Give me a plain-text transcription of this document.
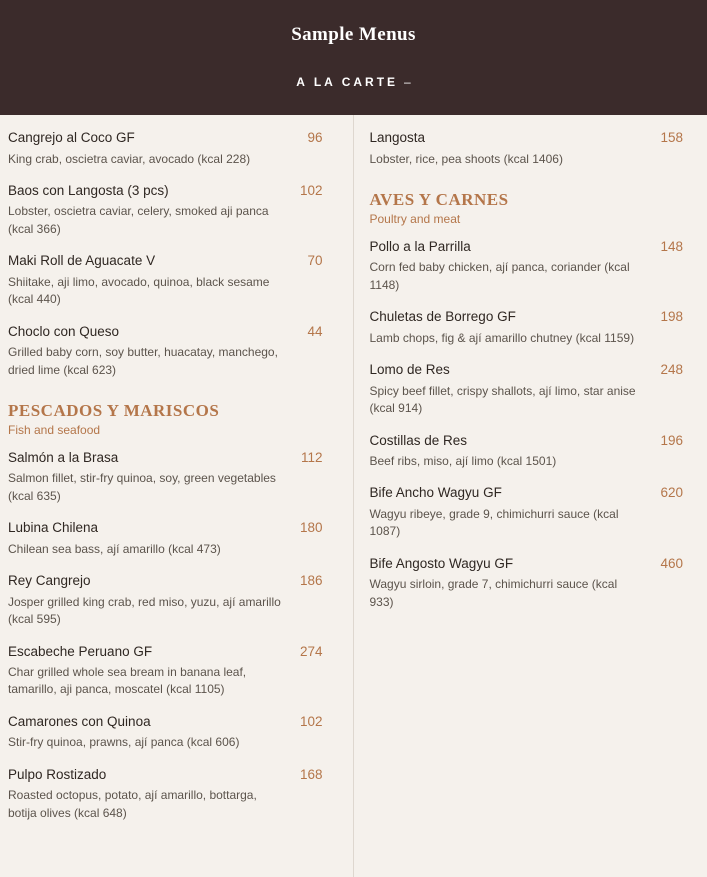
Sample Menus
A LA CARTE –
Cangrejo al Coco GF	96
King crab, oscietra caviar, avocado (kcal 228)
Baos con Langosta (3 pcs)	102
Lobster, oscietra caviar, celery, smoked aji panca (kcal 366)
Maki Roll de Aguacate V	70
Shiitake, aji limo, avocado, quinoa, black sesame (kcal 440)
Choclo con Queso	44
Grilled baby corn, soy butter, huacatay, manchego, dried lime (kcal 623)
PESCADOS Y MARISCOS
Fish and seafood
Salmón a la Brasa	112
Salmon fillet, stir-fry quinoa, soy, green vegetables (kcal 635)
Lubina Chilena	180
Chilean sea bass, ají amarillo (kcal 473)
Rey Cangrejo	186
Josper grilled king crab, red miso, yuzu, ají amarillo (kcal 595)
Escabeche Peruano GF	274
Char grilled whole sea bream in banana leaf, tamarillo, aji panca, moscatel (kcal 1105)
Camarones con Quinoa	102
Stir-fry quinoa, prawns, ají panca (kcal 606)
Pulpo Rostizado	168
Roasted octopus, potato, ají amarillo, bottarga, botija olives (kcal 648)
Langosta	158
Lobster, rice, pea shoots (kcal 1406)
AVES Y CARNES
Poultry and meat
Pollo a la Parrilla	148
Corn fed baby chicken, ají panca, coriander (kcal 1148)
Chuletas de Borrego GF	198
Lamb chops, fig & ají amarillo chutney (kcal 1159)
Lomo de Res	248
Spicy beef fillet, crispy shallots, ají limo, star anise (kcal 914)
Costillas de Res	196
Beef ribs, miso, ají limo (kcal 1501)
Bife Ancho Wagyu GF	620
Wagyu ribeye, grade 9, chimichurri sauce (kcal 1087)
Bife Angosto Wagyu GF	460
Wagyu sirloin, grade 7, chimichurri sauce (kcal 933)
